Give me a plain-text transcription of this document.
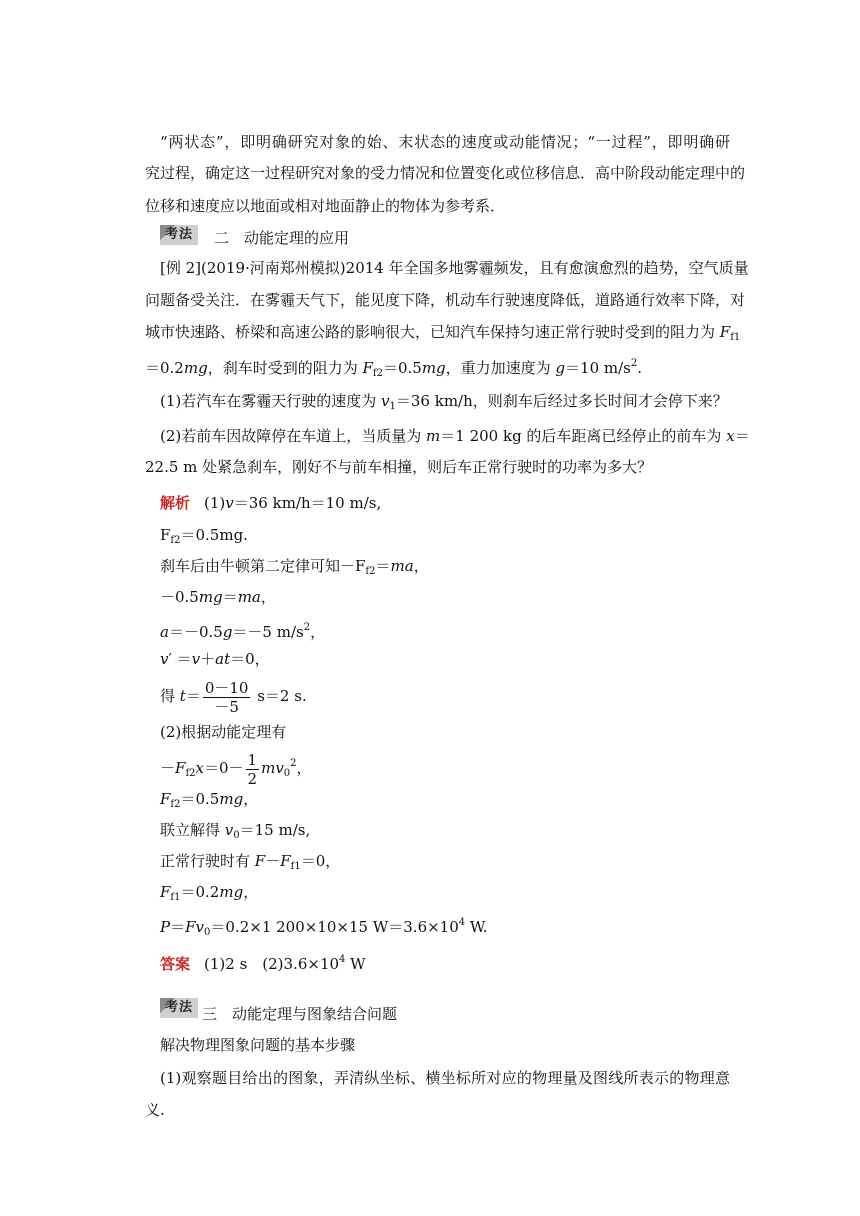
“两状态”，即明确研究对象的始、末状态的速度或动能情况；“一过程”，即明确研
究过程，确定这一过程研究对象的受力情况和位置变化或位移信息．高中阶段动能定理中的
位移和速度应以地面或相对地面静止的物体为参考系．
考法	二　 动能定理的应用
[例 2](2019·河南郑州模拟)2014 年全国多地雾霾频发，且有愈演愈烈的趋势，空气质量
问题备受关注．在雾霾天气下，能见度下降，机动车行驶速度降低，道路通行效率下降，对
城市快速路、桥梁和高速公路的影响很大，已知汽车保持匀速正常行驶时受到的阻力为 $F_{f1}$
＝0.2mg，刹车时受到的阻力为 $F_{f2}=0.5mg$，重力加速度为 g＝10 $m/s^2$.
(1)若汽车在雾霾天行驶的速度为 $v_1=36$ km/h，则刹车后经过多长时间才会停下来？
(2)若前车因故障停在车道上，当质量为 m＝1 200 kg 的后车距离已经停止的前车为 x＝
22.5 m 处紧急刹车，刚好不与前车相撞，则后车正常行驶时的功率为多大？
解析 (1)v＝36 km/h＝10 m/s,
$F_{f2}=0.5mg$.
刹车后由牛顿第二定律可知$-F_{f2}=ma$，
－0.5mg＝ma，
a＝－0.5g＝－5 $m/s^2$，
v′ ＝v＋at＝0，
得 $t= \frac{0-10}{-5} s=2$ s.
(2)根据动能定理有
$-F_{f2}x=0- \frac{1}{2} mv_0^2$，
$F_{f2}=0.5mg$，
联立解得 $v_0=15$ m/s,
正常行驶时有 $F-F_{f1}=0$，
$F_{f1}=0.2mg$，
$P=Fv_0=0.2\times 1$ 200×10×15 $W=3.6\times 10^4$ W.
答案 (1)2 s　$(2)3.6\times 10^4$ W
考法 三　 动能定理与图象结合问题
解决物理图象问题的基本步骤
(1)观察题目给出的图象，弄清纵坐标、横坐标所对应的物理量及图线所表示的物理意
义.
